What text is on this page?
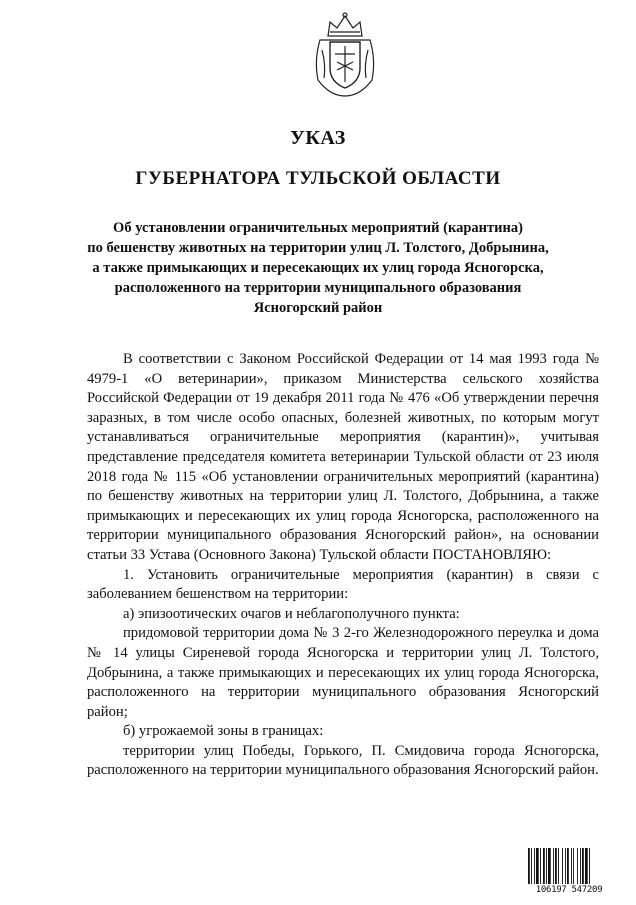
УКАЗ
ГУБЕРНАТОРА ТУЛЬСКОЙ ОБЛАСТИ
Об установлении ограничительных мероприятий (карантина)
по бешенству животных на территории улиц Л. Толстого, Добрынина,
а также примыкающих и пересекающих их улиц города Ясногорска,
расположенного на территории муниципального образования
Ясногорский район

В соответствии с Законом Российской Федерации от 14 мая 1993 года № 4979-1 «О ветеринарии», приказом Министерства сельского хозяйства Российской Федерации от 19 декабря 2011 года № 476 «Об утверждении перечня заразных, в том числе особо опасных, болезней животных, по которым могут устанавливаться ограничительные мероприятия (карантин)», учитывая представление председателя комитета ветеринарии Тульской области от 23 июля 2018 года № 115 «Об установлении ограничительных мероприятий (карантина) по бешенству животных на территории улиц Л. Толстого, Добрынина, а также примыкающих и пересекающих их улиц города Ясногорска, расположенного на территории муниципального образования Ясногорский район», на основании статьи 33 Устава (Основного Закона) Тульской области ПОСТАНОВЛЯЮ:

1. Установить ограничительные мероприятия (карантин) в связи с заболеванием бешенством на территории:

а) эпизоотических очагов и неблагополучного пункта:

придомовой территории дома № 3 2-го Железнодорожного переулка и дома № 14 улицы Сиреневой города Ясногорска и территории улиц Л. Толстого, Добрынина, а также примыкающих и пересекающих их улиц города Ясногорска, расположенного на территории муниципального образования Ясногорский район;

б) угрожаемой зоны в границах:

территории улиц Победы, Горького, П. Смидовича города Ясногорска, расположенного на территории муниципального образования Ясногорский район.

106197 547209
